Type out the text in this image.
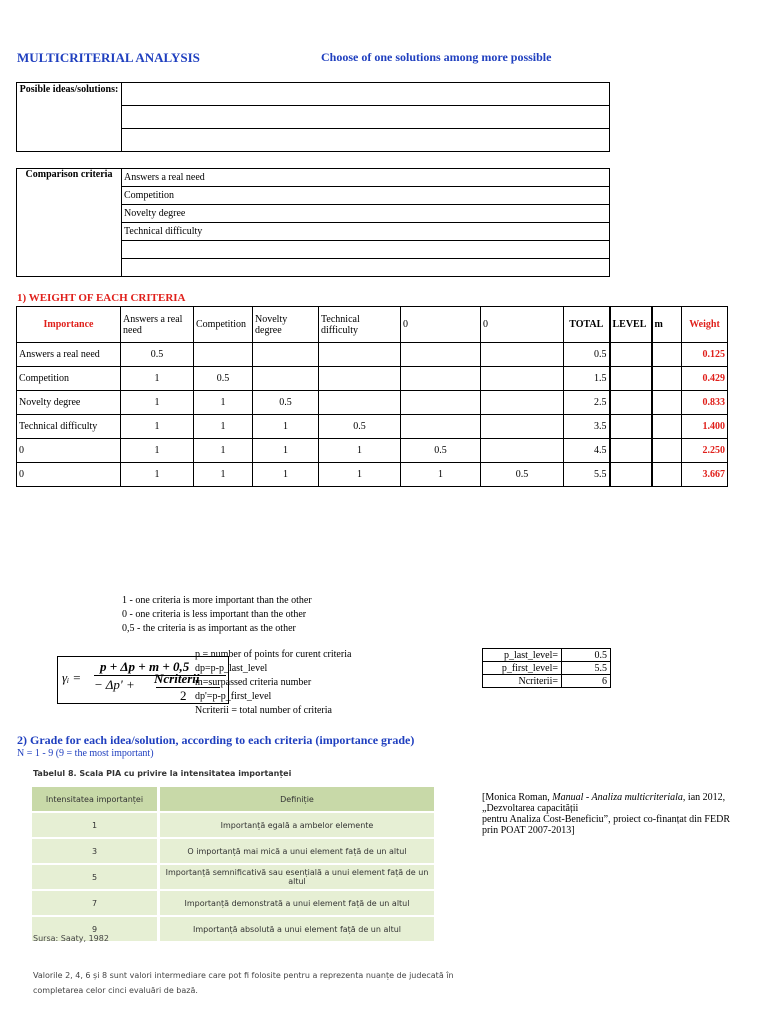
MULTICRITERIAL ANALYSIS	Choose of one solutions among more possible
Posible ideas/solutions:	

Comparison criteria	Answers a real need
Competition
Novelty degree
Technical difficulty

1) WEIGHT OF EACH CRITERIA
Importance	Answers a real need	Competition	Novelty degree	Technical difficulty	0	0	TOTAL	LEVEL	m	Weight
Answers a real need	0.5						0.5			0.125
Competition	1	0.5					1.5			0.429
Novelty degree	1	1	0.5				2.5			0.833
Technical difficulty	1	1	1	0.5			3.5			1.400
0	1	1	1	1	0.5		4.5			2.250
0	1	1	1	1	1	0.5	5.5			3.667
1 - one criteria is more important than the other
0 - one criteria is less important than the other
0,5 - the criteria is as important as the other
γᵢ =
p + Δp + m + 0,5
− Δp' + Ncriterii
2
p = number of points for curent criteria
dp=p-p_last_level
m=surpassed criteria number
dp'=p-p_first_level
Ncriterii = total number of criteria
p_last_level=	0.5
p_first_level=	5.5
Ncriterii=	6
2) Grade for each idea/solution, according to each criteria (importance grade)
N = 1 - 9 (9 = the most important)
Tabelul 8. Scala PIA cu privire la intensitatea importanței
Intensitatea importanței	Definiție
1	Importanță egală a ambelor elemente
3	O importanță mai mică a unui element față de un altul
5	Importanță semnificativă sau esențială a unui element față de un altul
7	Importanță demonstrată a unui element față de un altul
9	Importanță absolută a unui element față de un altul
Sursa: Saaty, 1982
Valorile 2, 4, 6 și 8 sunt valori intermediare care pot fi folosite pentru a reprezenta nuanțe de judecată în
completarea celor cinci evaluări de bază.
[Monica Roman, Manual - Analiza multicriteriala, ian 2012, „Dezvoltarea capacității
pentru Analiza Cost-Beneficiu”, proiect co-finanțat din FEDR prin POAT 2007-2013]
